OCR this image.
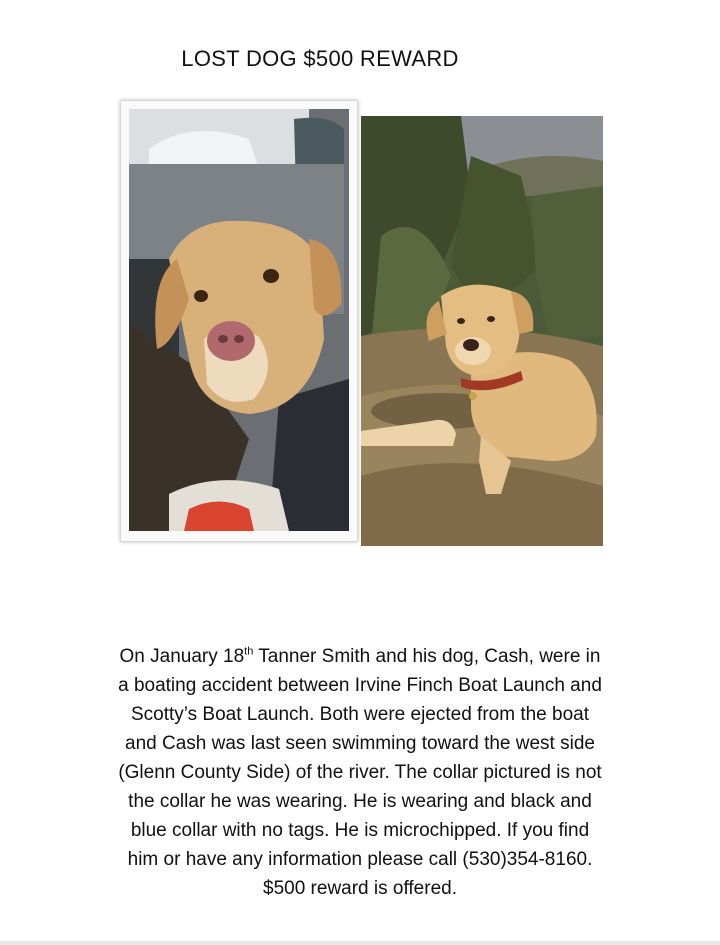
LOST DOG $500 REWARD
On January 18th Tanner Smith and his dog, Cash, were in
a boating accident between Irvine Finch Boat Launch and
Scotty’s Boat Launch. Both were ejected from the boat
and Cash was last seen swimming toward the west side
(Glenn County Side) of the river. The collar pictured is not
the collar he was wearing. He is wearing and black and
blue collar with no tags. He is microchipped. If you find
him or have any information please call (530)354-8160.
$500 reward is offered.
